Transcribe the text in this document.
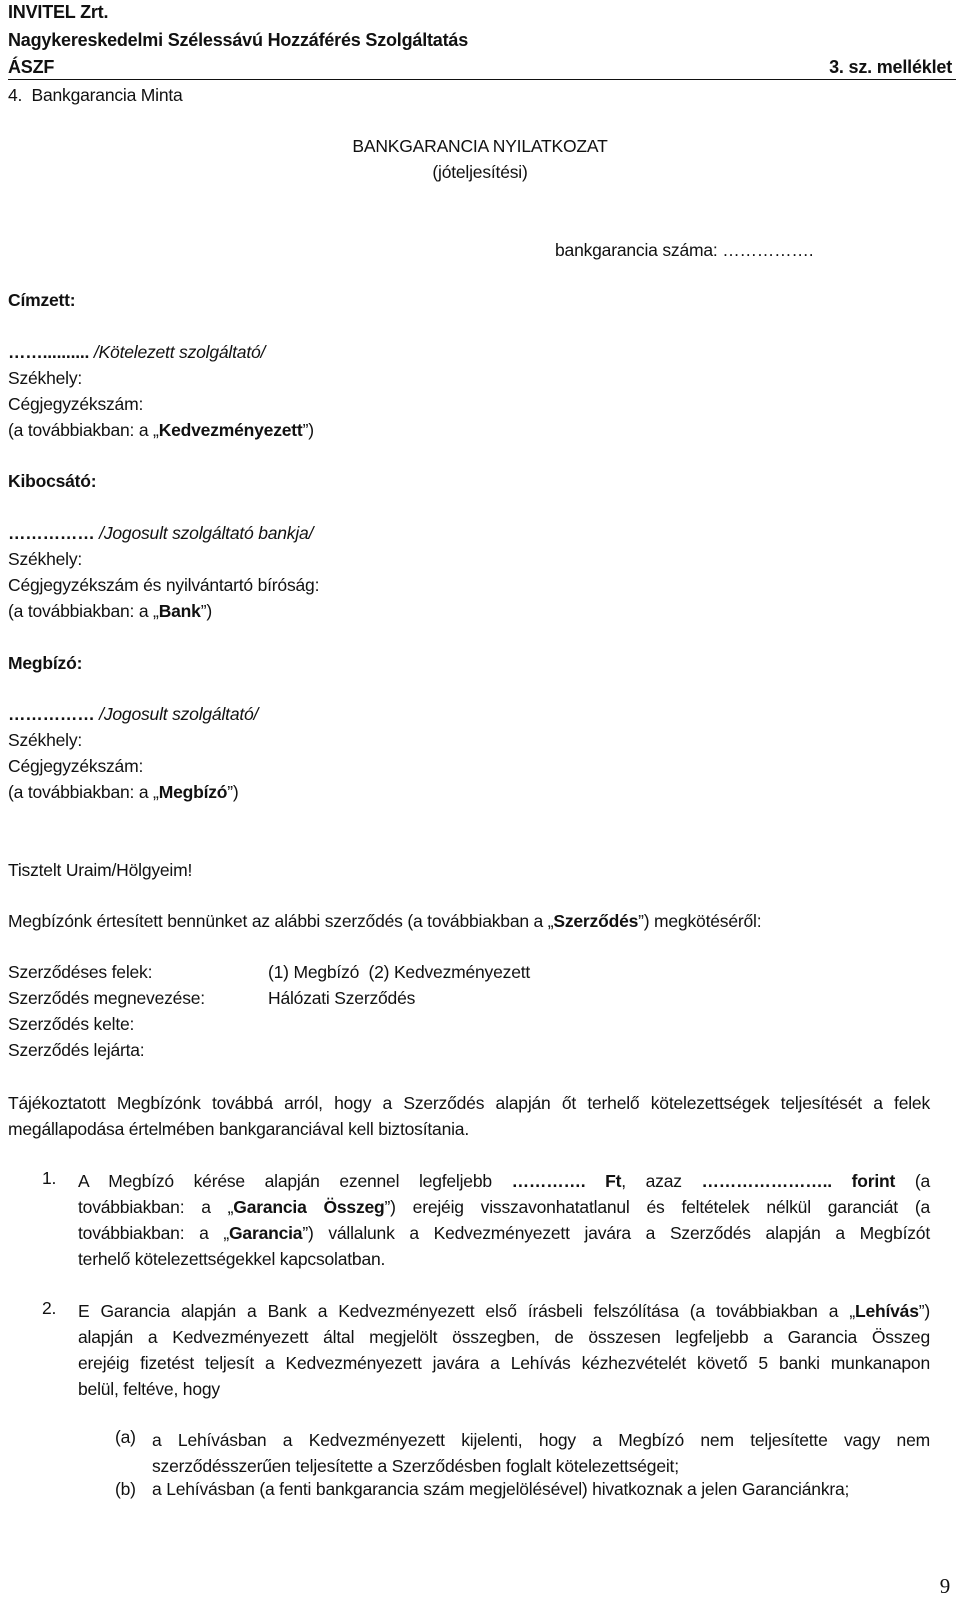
INVITEL Zrt.
Nagykereskedelmi Szélessávú Hozzáférés Szolgáltatás
ÁSZF	3. sz. melléklet
4.  Bankgarancia Minta
BANKGARANCIA NYILATKOZAT
(jóteljesítési)
bankgarancia száma: …………….
Címzett:
…….......... /Kötelezett szolgáltató/
Székhely:
Cégjegyzékszám:
(a továbbiakban: a „Kedvezményezett”)
Kibocsátó:
…………… /Jogosult szolgáltató bankja/
Székhely:
Cégjegyzékszám és nyilvántartó bíróság:
(a továbbiakban: a „Bank”)
Megbízó:
…………… /Jogosult szolgáltató/
Székhely:
Cégjegyzékszám:
(a továbbiakban: a „Megbízó”)
Tisztelt Uraim/Hölgyeim!
Megbízónk értesített bennünket az alábbi szerződés (a továbbiakban a „Szerződés”) megkötéséről:
Szerződéses felek:	(1) Megbízó  (2) Kedvezményezett
Szerződés megnevezése:	Hálózati Szerződés
Szerződés kelte:
Szerződés lejárta:
Tájékoztatott Megbízónk továbbá arról, hogy a Szerződés alapján őt terhelő kötelezettségek teljesítését a felek
megállapodása értelmében bankgaranciával kell biztosítania.
1. A Megbízó kérése alapján ezennel legfeljebb …………. Ft, azaz ………………….. forint (a
továbbiakban: a „Garancia Összeg”) erejéig visszavonhatatlanul és feltételek nélkül garanciát (a
továbbiakban: a „Garancia”) vállalunk a Kedvezményezett javára a Szerződés alapján a Megbízót
terhelő kötelezettségekkel kapcsolatban.
2. E Garancia alapján a Bank a Kedvezményezett első írásbeli felszólítása (a továbbiakban a „Lehívás”)
alapján a Kedvezményezett által megjelölt összegben, de összesen legfeljebb a Garancia Összeg
erejéig fizetést teljesít a Kedvezményezett javára a Lehívás kézhezvételét követő 5 banki munkanapon
belül, feltéve, hogy
(a) a Lehívásban a Kedvezményezett kijelenti, hogy a Megbízó nem teljesítette vagy nem
szerződésszerűen teljesítette a Szerződésben foglalt kötelezettségeit;
(b) a Lehívásban (a fenti bankgarancia szám megjelölésével) hivatkoznak a jelen Garanciánkra;
9
